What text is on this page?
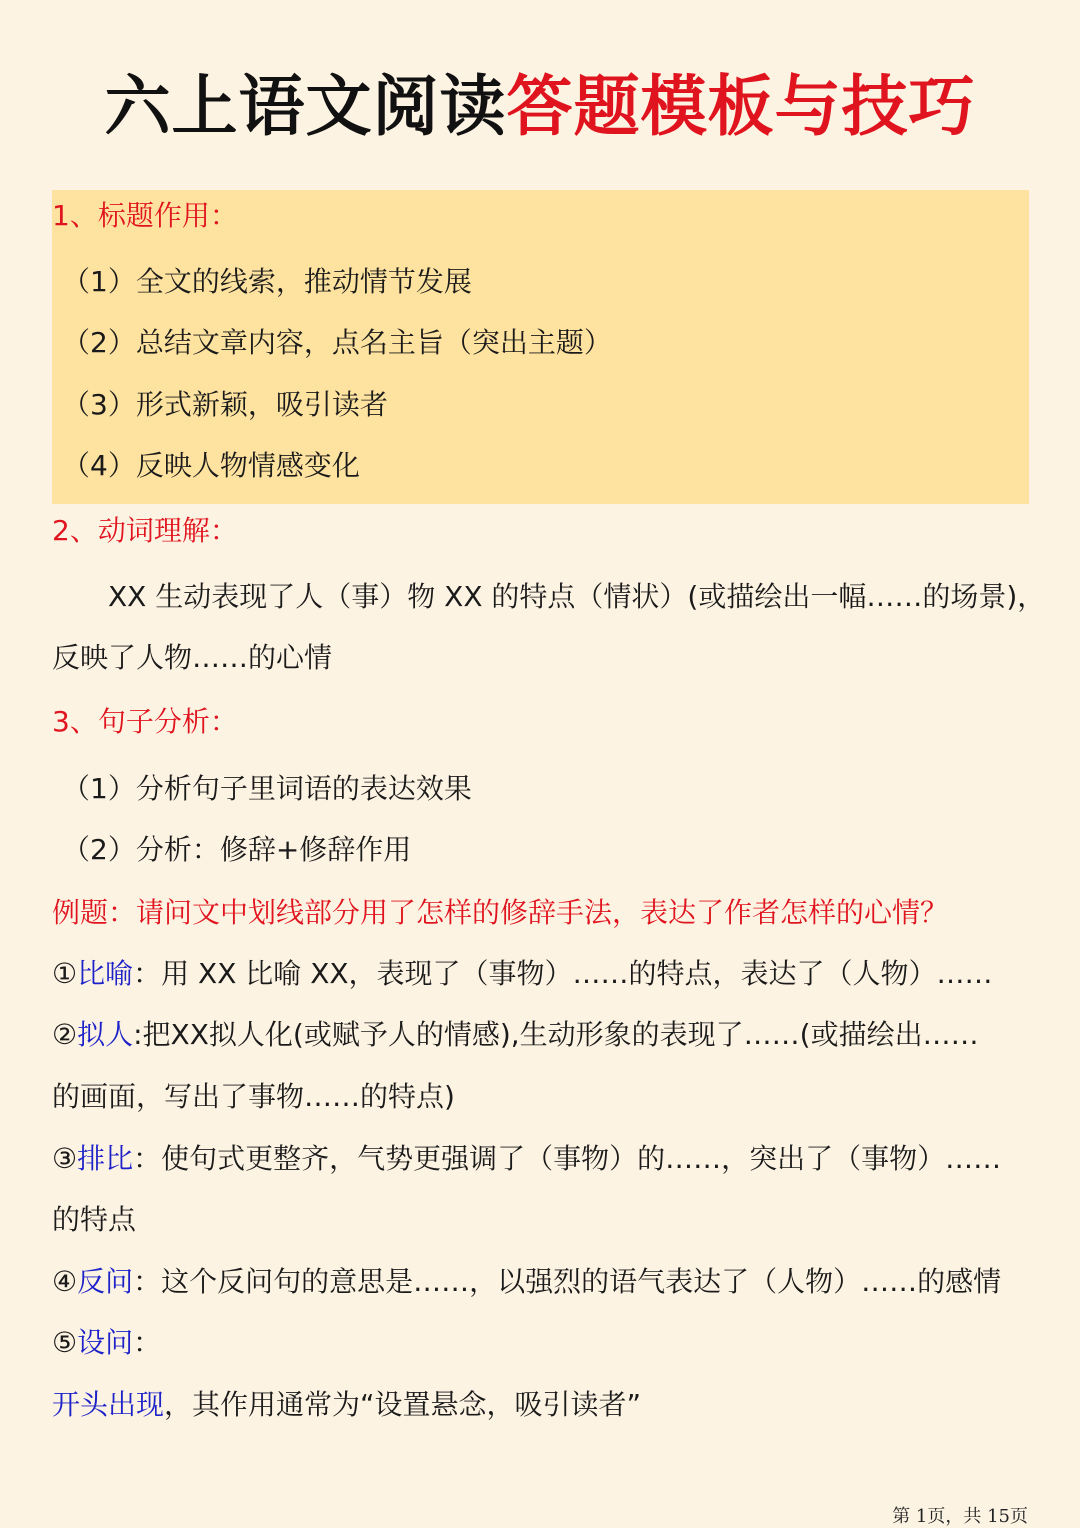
六上语文阅读答题模板与技巧
1、标题作用：
（1）全文的线索，推动情节发展
（2）总结文章内容，点名主旨（突出主题）
（3）形式新颖，吸引读者
（4）反映人物情感变化
2、动词理解：
XX 生动表现了人（事）物 XX 的特点（情状）(或描绘出一幅……的场景)，
反映了人物……的心情
3、句子分析：
（1）分析句子里词语的表达效果
（2）分析：修辞+修辞作用
例题：请问文中划线部分用了怎样的修辞手法，表达了作者怎样的心情？
①比喻：用 XX 比喻 XX，表现了（事物）……的特点，表达了（人物）……
②拟人:把XX拟人化(或赋予人的情感),生动形象的表现了……(或描绘出……
的画面，写出了事物……的特点)
③排比：使句式更整齐，气势更强调了（事物）的……，突出了（事物）……
的特点
④反问：这个反问句的意思是……，以强烈的语气表达了（人物）……的感情
⑤设问：
开头出现，其作用通常为“设置悬念，吸引读者”
第 1页，共 15页
